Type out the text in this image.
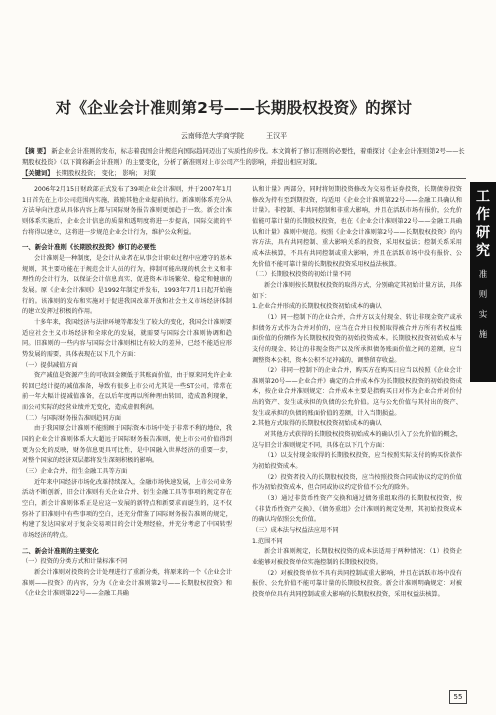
对《企业会计准则第2号——长期股权投资》的探讨
云南师范大学商学院	王汉平
【摘 要】 新企业会计准则的发布，标志着我国会计规范向国际趋同迈出了实质性的步伐。本文简析了修订准则的必要性，着重探讨《企业会计准则第2号——长期股权投资》（以下简称新会计准则）的主要变化，分析了新准则对上市公司产生的影响，并提出相应对策。
【关键词】 长期股权投资； 变化； 影响； 对策

2006年2月15日财政部正式发布了39项企业会计准则，并于2007年1月1日首先在上市公司范围内实施，鼓励其他企业提前执行。新准则体系充分从方法导向注意从具体内容上都与国际财务报告准则更加趋于一致。新会计准则体系实施后，企业会计信息的质量和透明度将进一步提高，国际交流的平台将得以建立，这将进一步规范企业会计行为，维护公众利益。

一、新会计准则《长期股权投资》修订的必要性

会计准则是一种制度，是会计从业者在从事会计职业过程中应遵守的基本规则，其主要功能在于规范会计人员的行为，抑制可能出现的机会主义和非理性的会计行为，以保证会计信息真实、促进资本市场繁荣、稳定和健康的发展。原《企业会计准则》是1992年制定并发布，1993年7月1日起开始施行的。该准则的发布和实施对于促进我国改革开放和社会主义市场经济体制的建立发挥过积极的作用。

十多年来，我国经济与法律环境等都发生了较大的变化，我国会计准则要适应社会主义市场经济和全球化的发展，就需要与国际会计准则协调和趋同。旧准则的一些内容与国际会计准则相比有较大的差异，已经不能适应形势发展的需要，具体表现在以下几个方面：

（一）提供减值方面

资产减值是资源产生的可收回金额低于其账面价值，由于原来同允许企业转回已经计提的减值准备，导致有很多上市公司尤其是一些ST公司，常常在前一年大幅计提减值准备，在以后年度再以所种理由转回，造成盈利现象，而公司实际的经营业绩并无变化，造成虚假利润。

（二）与国际财务报告准则趋同方面

由于我国原会计准则不能照顾于国际资本市场中处于非常不利的地位，我国的企业会计准则体系大大超远于国际财务报告准则，使上市公司价值得到更为公允的反映，财务信息更具可比性，是中国融入世界经济的重要一步，对整个国家的经济双层都将发生深刻积极的影响。

（三）企业合并、衍生金融工具等方面

近年来中国经济市场化改革持续深入，金融市场快速发展，上市公司业务活动不断创新，旧会计准则有关企业合并、衍生金融工具等事项的规定存在空白，新会计准则体系正是应这一发展的新特点和新要求而诞生的，这不仅弥补了旧准则中有些事项的空白，还充分借鉴了国际财务报告准则的规定，构建了发达国家对于复杂交易项目的会计处理经验，并充分考虑了中国转型市场经济的特点。

二、新会计准则的主要变化

（一）投资的分类方式和计量标准不同

新会计准则对投资的会计处理进行了重新分类，将原来的一个《企业会计准则——投资》的内容，分为《企业会计准则第2号——长期股权投资》和《企业会计准则第22号——金融工具确

认和计量》两部分，同时将短期投资修改为交易性证券投资，长期债券投资修改为持有至到期投资，均适用《企业会计准则第22号——金融工具确认和计量》。非控制、非共同控制和非重大影响，并且在活跃市场有报价，公允价值能可靠计量的长期股权投资，也在《企业会计准则第22号——金融工具确认和计量》准则中规范。按照《企业会计准则第2号——长期股权投资》的内容方法，具有共同控制、重大影响关系的投资，采用权益法；控制关系采用成本法核算，不具有共同控制或重大影响，并且在活跃市场中没有报价、公允价值不能可靠计量的长期股权投资采用权益法核算。

（二）长期股权投资的初始计量不同

新会计准则按长期股权投资的取得方式，分别确定其初始计量方法，具体如下：

1.企业合并形成的长期股权投资初始成本的确认

（1）同一控制下的企业合并，合并方以支付现金、转让非现金资产或承担债务方式作为合并对价的，应当在合并日按照取得被合并方所有者权益账面价值的份额作为长期股权投资的初始投资成本。长期股权投资初始成本与支付的现金、转让的非现金资产以及所承担债务账面价值之间的差额，应当调整资本公积，资本公积不足冲减的，调整留存收益。

（2）非同一控制下的企业合并，购买方在购买日应当以按照《企业会计准则第20号——企业合并》确定的合并成本作为长期股权投资的初始投资成本，按企业合并准则规定：合并成本主要是指购买日对作为企业合并对价付出的资产、发生或承担的负债的公允价值。这与公允价值与其付出的资产、发生或承担的负债的账面价值的差额，计入当期损益。

2.其他方式取得的长期股权投资初始成本的确认

对其他方式获得的长期股权投资初始成本的确认引入了公允价值的概念，这与旧会计准则规定不同，具体在以下几个方面：

（1）以支付现金取得的长期股权投资，应当按照实际支付的购买价款作为初始投资成本。

（2）投资者投入的长期股权投资，应当按照投资合同或协议约定的价值作为初始投资成本，但合同或协议约定价值不公允的除外。

（3）通过非货币性资产交换和通过债务重组取得的长期股权投资，按《非货币性资产交换》、《债务重组》会计准则的规定处理，其初始投资成本的确认均依照公允价值。

（三）成本法与权益法应用不同

1.范围不同

新会计准则规定，长期股权投资的成本法适用于两种情况：（1）投资企业能够对被投资单位实施控制的长期股权投资。

（2）对被投资单位不具有共同控制或重大影响，并且在活跃市场中没有报价、公允价值不能可靠计量的长期股权投资。新会计准则明确规定：对被投资单位具有共同控制或重大影响的长期股权投资，采用权益法核算。

工
作
研
究
准
则
实
施
55
